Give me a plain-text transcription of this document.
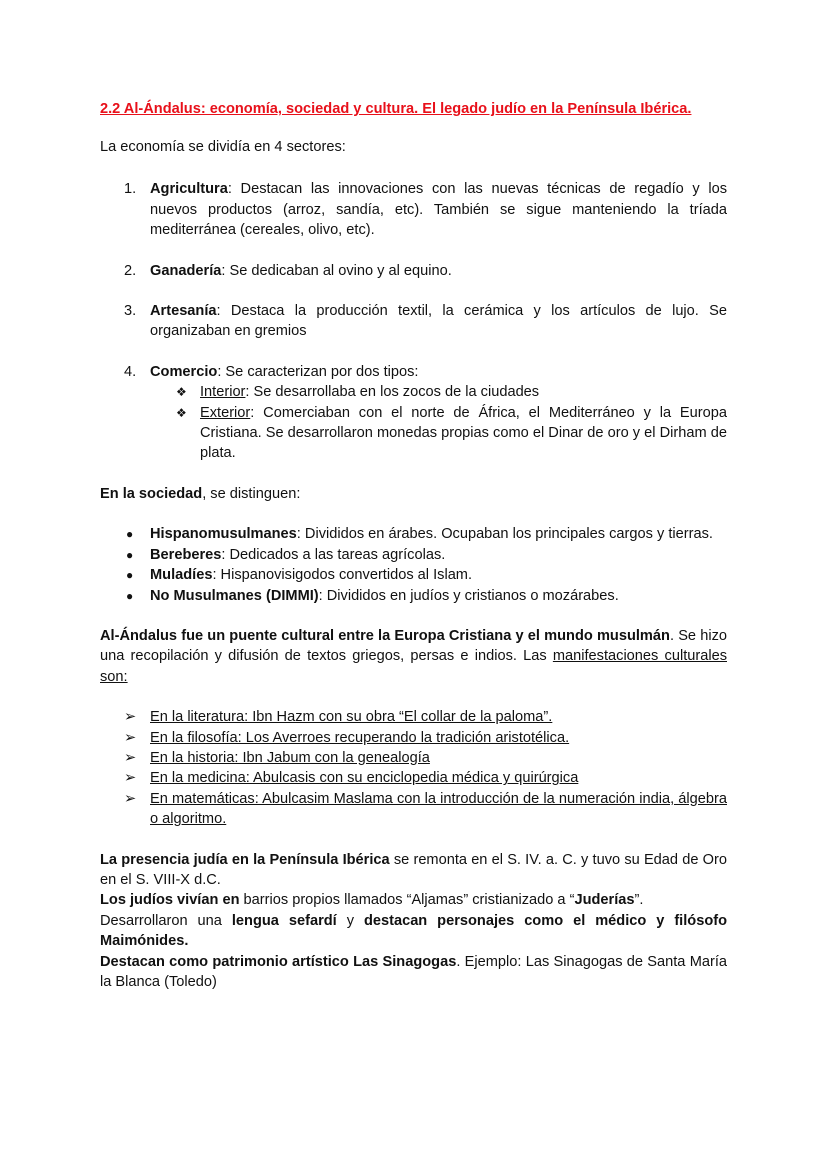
2.2 Al-Ándalus: economía, sociedad y cultura. El legado judío en la Península Ibérica.

La economía se dividía en 4 sectores:

1. Agricultura: Destacan las innovaciones con las nuevas técnicas de regadío y los nuevos productos (arroz, sandía, etc). También se sigue manteniendo la tríada mediterránea (cereales, olivo, etc).
2. Ganadería: Se dedicaban al ovino y al equino.
3. Artesanía: Destaca la producción textil, la cerámica y los artículos de lujo. Se organizaban en gremios
4. Comercio: Se caracterizan por dos tipos:
❖ Interior: Se desarrollaba en los zocos de la ciudades
❖ Exterior: Comerciaban con el norte de África, el Mediterráneo y la Europa Cristiana. Se desarrollaron monedas propias como el Dinar de oro y el Dirham de plata.

En la sociedad, se distinguen:

● Hispanomusulmanes: Divididos en árabes. Ocupaban los principales cargos y tierras.
● Bereberes: Dedicados a las tareas agrícolas.
● Muladíes: Hispanovisigodos convertidos al Islam.
● No Musulmanes (DIMMI): Divididos en judíos y cristianos o mozárabes.

Al-Ándalus fue un puente cultural entre la Europa Cristiana y el mundo musulmán. Se hizo una recopilación y difusión de textos griegos, persas e indios. Las manifestaciones culturales son:

➢ En la literatura: Ibn Hazm con su obra “El collar de la paloma”.
➢ En la filosofía: Los Averroes recuperando la tradición aristotélica.
➢ En la historia: Ibn Jabum con la genealogía
➢ En la medicina: Abulcasis con su enciclopedia médica y quirúrgica
➢ En matemáticas: Abulcasim Maslama con la introducción de la numeración india, álgebra o algoritmo.

La presencia judía en la Península Ibérica se remonta en el S. IV. a. C. y tuvo su Edad de Oro en el S. VIII-X d.C.

Los judíos vivían en barrios propios llamados “Aljamas” cristianizado a “Juderías”.

Desarrollaron una lengua sefardí y destacan personajes como el médico y filósofo Maimónides.

Destacan como patrimonio artístico Las Sinagogas. Ejemplo: Las Sinagogas de Santa María la Blanca (Toledo)
